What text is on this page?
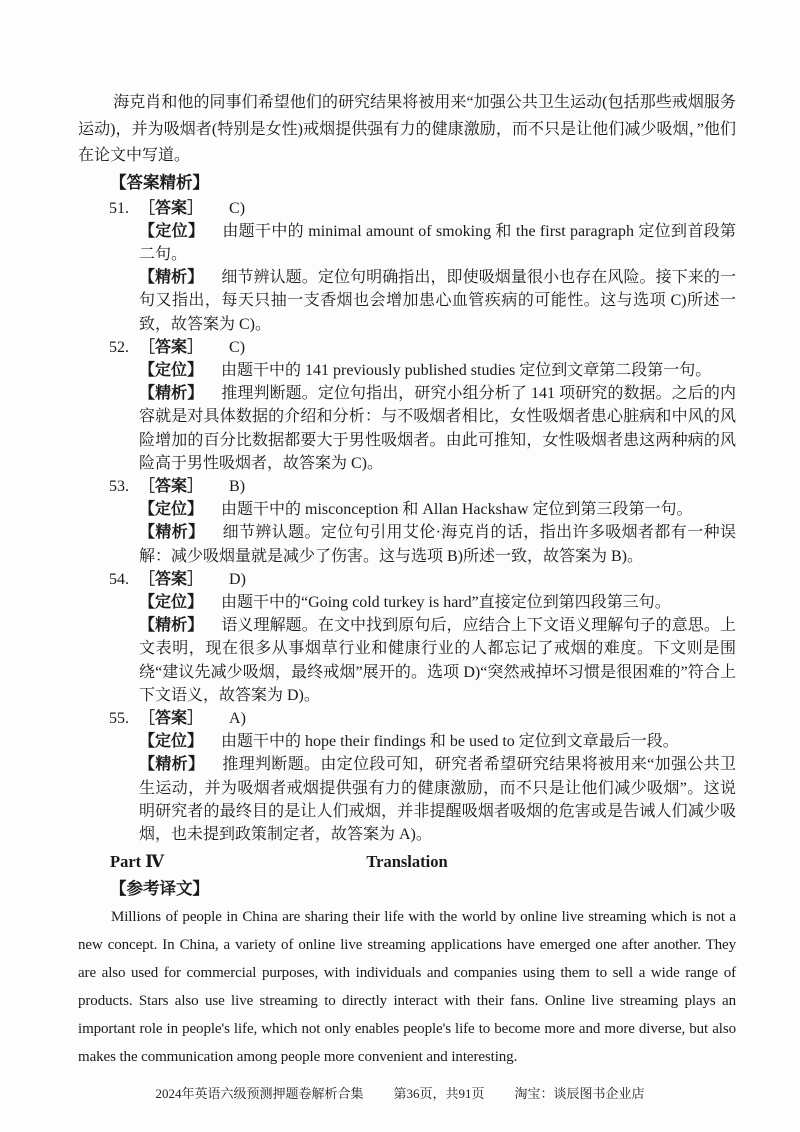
海克肖和他的同事们希望他们的研究结果将被用来“加强公共卫生运动(包括那些戒烟服务运动)，并为吸烟者(特别是女性)戒烟提供强有力的健康激励，而不只是让他们减少吸烟，”他们在论文中写道。

【答案精析】
51. ［答案］ C)

【定位】 由题干中的 minimal amount of smoking 和 the first paragraph 定位到首段第二句。

【精析】 细节辨认题。定位句明确指出，即使吸烟量很小也存在风险。接下来的一句又指出，每天只抽一支香烟也会增加患心血管疾病的可能性。这与选项 C)所述一致，故答案为 C)。

52. ［答案］ C)

【定位】 由题干中的 141 previously published studies 定位到文章第二段第一句。

【精析】 推理判断题。定位句指出，研究小组分析了 141 项研究的数据。之后的内容就是对具体数据的介绍和分析：与不吸烟者相比，女性吸烟者患心脏病和中风的风险增加的百分比数据都要大于男性吸烟者。由此可推知，女性吸烟者患这两种病的风险高于男性吸烟者，故答案为 C)。

53. ［答案］ B)

【定位】 由题干中的 misconception 和 Allan Hackshaw 定位到第三段第一句。

【精析】 细节辨认题。定位句引用艾伦·海克肖的话，指出许多吸烟者都有一种误解：减少吸烟量就是减少了伤害。这与选项 B)所述一致，故答案为 B)。

54. ［答案］ D)

【定位】 由题干中的“Going cold turkey is hard”直接定位到第四段第三句。

【精析】 语义理解题。在文中找到原句后，应结合上下文语义理解句子的意思。上文表明，现在很多从事烟草行业和健康行业的人都忘记了戒烟的难度。下文则是围绕“建议先减少吸烟，最终戒烟”展开的。选项 D)“突然戒掉坏习惯是很困难的”符合上下文语义，故答案为 D)。

55. ［答案］ A)

【定位】 由题干中的 hope their findings 和 be used to 定位到文章最后一段。

【精析】 推理判断题。由定位段可知，研究者希望研究结果将被用来“加强公共卫生运动，并为吸烟者戒烟提供强有力的健康激励，而不只是让他们减少吸烟”。这说明研究者的最终目的是让人们戒烟，并非提醒吸烟者吸烟的危害或是告诫人们减少吸烟，也未提到政策制定者，故答案为 A)。

Part Ⅳ	Translation
【参考译文】

Millions of people in China are sharing their life with the world by online live streaming which is not a new concept. In China, a variety of online live streaming applications have emerged one after another. They are also used for commercial purposes, with individuals and companies using them to sell a wide range of products. Stars also use live streaming to directly interact with their fans. Online live streaming plays an important role in people's life, which not only enables people's life to become more and more diverse, but also makes the communication among people more convenient and interesting.

2024年英语六级预测押题卷解析合集 第36页，共91页 淘宝：谈辰图书企业店
